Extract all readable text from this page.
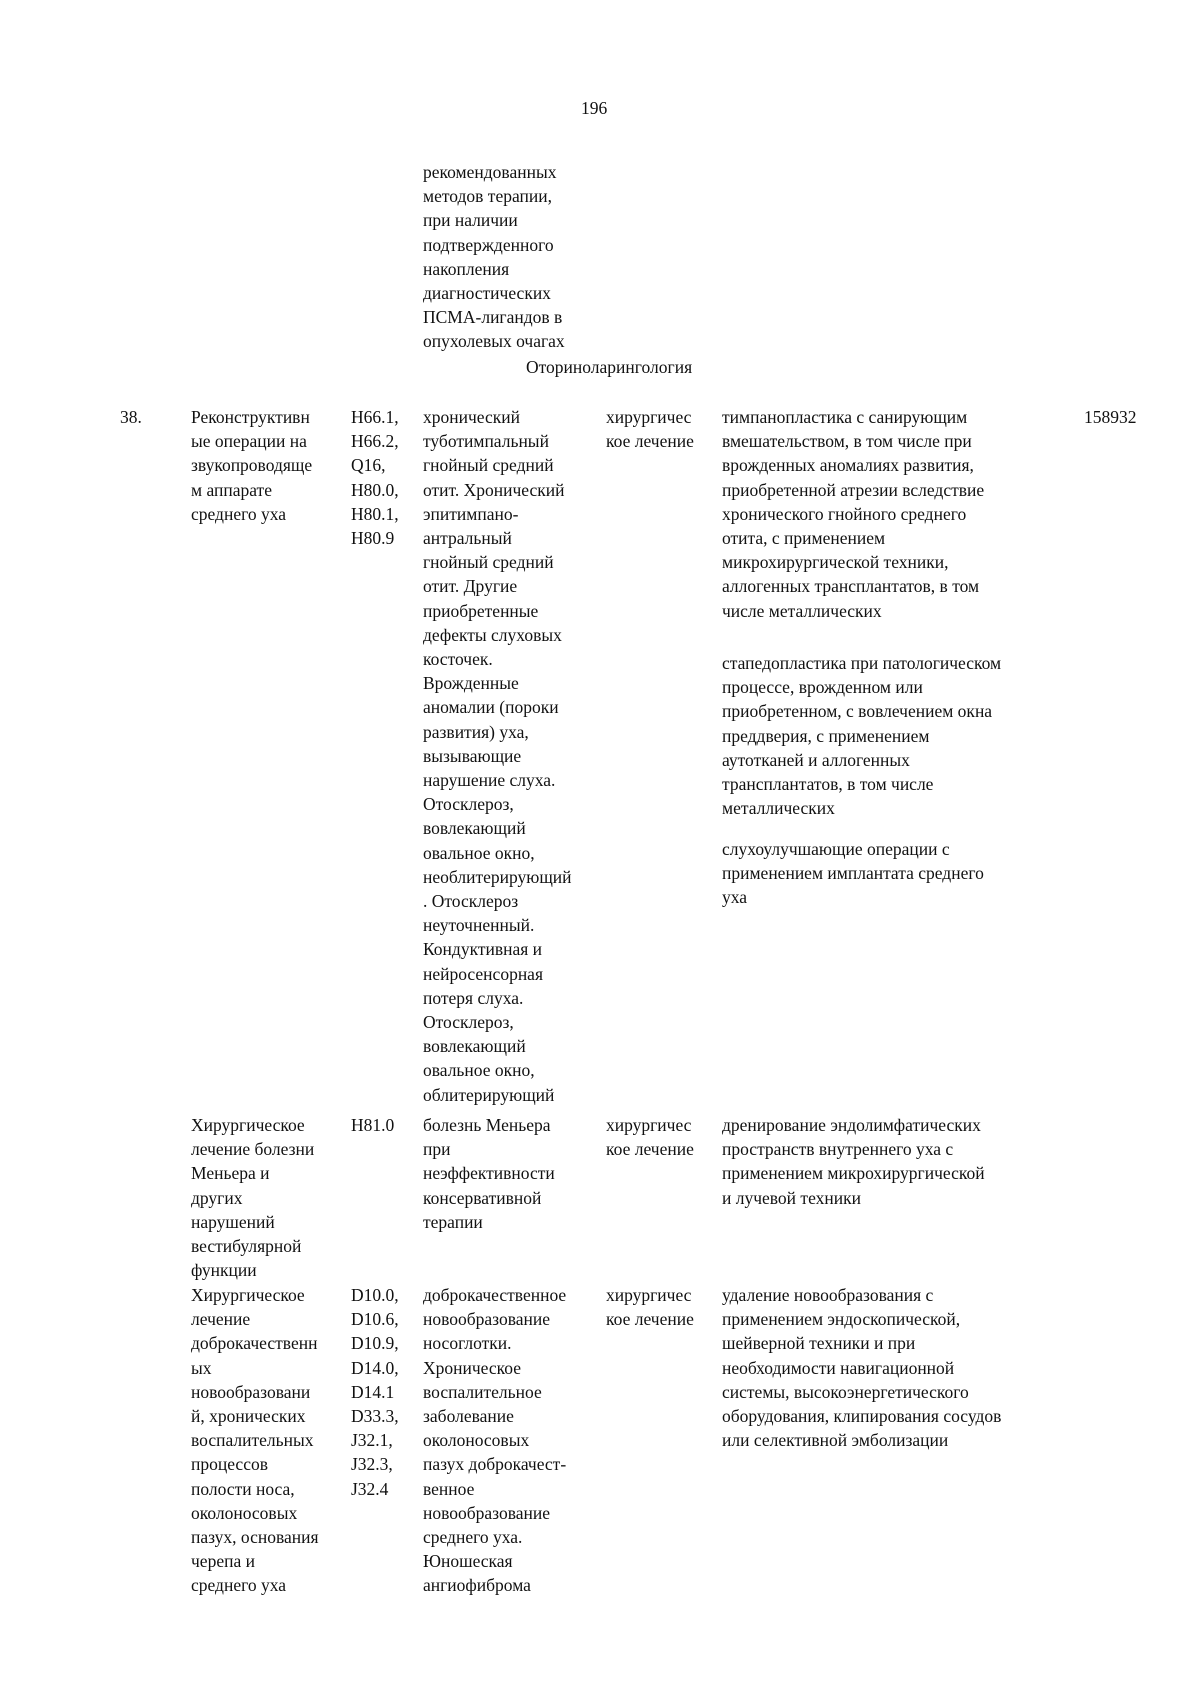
196
рекомендованных
методов терапии,
при наличии
подтвержденного
накопления
диагностических
ПСМА-лигандов в
опухолевых очагах
Оториноларингология
38.	158932
Реконструктивн
ые операции на
звукопроводяще
м аппарате
среднего уха
H66.1,
H66.2,
Q16,
H80.0,
H80.1,
H80.9
хронический
туботимпальный
гнойный средний
отит. Хронический
эпитимпано-
антральный
гнойный средний
отит. Другие
приобретенные
дефекты слуховых
косточек.
Врожденные
аномалии (пороки
развития) уха,
вызывающие
нарушение слуха.
Отосклероз,
вовлекающий
овальное окно,
необлитерирующий
. Отосклероз
неуточненный.
Кондуктивная и
нейросенсорная
потеря слуха.
Отосклероз,
вовлекающий
овальное окно,
облитерирующий
хирургичес
кое лечение
тимпанопластика с санирующим
вмешательством, в том числе при
врожденных аномалиях развития,
приобретенной атрезии вследствие
хронического гнойного среднего
отита, с применением
микрохирургической техники,
аллогенных трансплантатов, в том
числе металлических
стапедопластика при патологическом
процессе, врожденном или
приобретенном, с вовлечением окна
преддверия, с применением
аутотканей и аллогенных
трансплантатов, в том числе
металлических
слухоулучшающие операции с
применением имплантата среднего
уха
Хирургическое
лечение болезни
Меньера и
других
нарушений
вестибулярной
функции
H81.0 болезнь Меньера
при
неэффективности
консервативной
терапии
хирургичес
кое лечение
дренирование эндолимфатических
пространств внутреннего уха с
применением микрохирургической
и лучевой техники
Хирургическое
лечение
доброкачественн
ых
новообразовани
й, хронических
воспалительных
процессов
полости носа,
околоносовых
пазух, основания
черепа и
среднего уха
D10.0,
D10.6,
D10.9,
D14.0,
D14.1
D33.3,
J32.1,
J32.3,
J32.4
доброкачественное
новообразование
носоглотки.
Хроническое
воспалительное
заболевание
околоносовых
пазух доброкачест-
венное
новообразование
среднего уха.
Юношеская
ангиофиброма
хирургичес
кое лечение
удаление новообразования с
применением эндоскопической,
шейверной техники и при
необходимости навигационной
системы, высокоэнергетического
оборудования, клипирования сосудов
или селективной эмболизации
